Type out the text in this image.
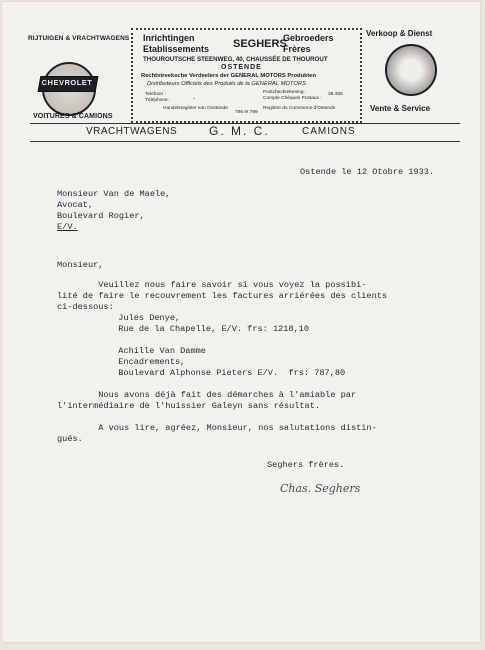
RIJTUIGEN & VRACHTWAGENS
CHEVROLET
VOITURES & CAMIONS
Inrichtingen	SEGHERS
Gebroeders
Etablissements	Frères
THOUROUTSCHE STEENWEG, 40, CHAUSSÉE DE THOUROUT
OSTENDE
Rechtstreeksche Verdeelers der GENERAL MOTORS Produkten
Distributeurs Officiels des Produits de la GENERAL MOTORS
Telefoon :
Téléphone :	"
Postcheckrekening :
Compte Chèques Postaux :
38.455
Handelsregister van Oostende
796 et 799
Registre du Commerce d'Ostende
Verkoop & Dienst
Vente & Service
VRACHTWAGENS	G. M. C.	CAMIONS
Ostende le 12 Otobre 1933.
Monsieur Van de Maele,
Avocat,
Boulevard Rogier,
E/V.
Monsieur,
Veuillez nous faire savoir si vous voyez la possibi-
lité de faire le recouvrement les factures arriérées des clients
ci-dessous:
Jules Denye,
Rue de la Chapelle, E/V. frs: 1218,10
Achille Van Damme
Encadrements,
Boulevard Alphonse Pieters E/V.  frs: 787,80
Nous avons déjà fait des démarches à l'amiable par
l'intermédiaire de l'huissier Galeyn sans résultat.
A vous lire, agréez, Monsieur, nos salutations distin-
gués.
Seghers frères.
Chas. Seghers
